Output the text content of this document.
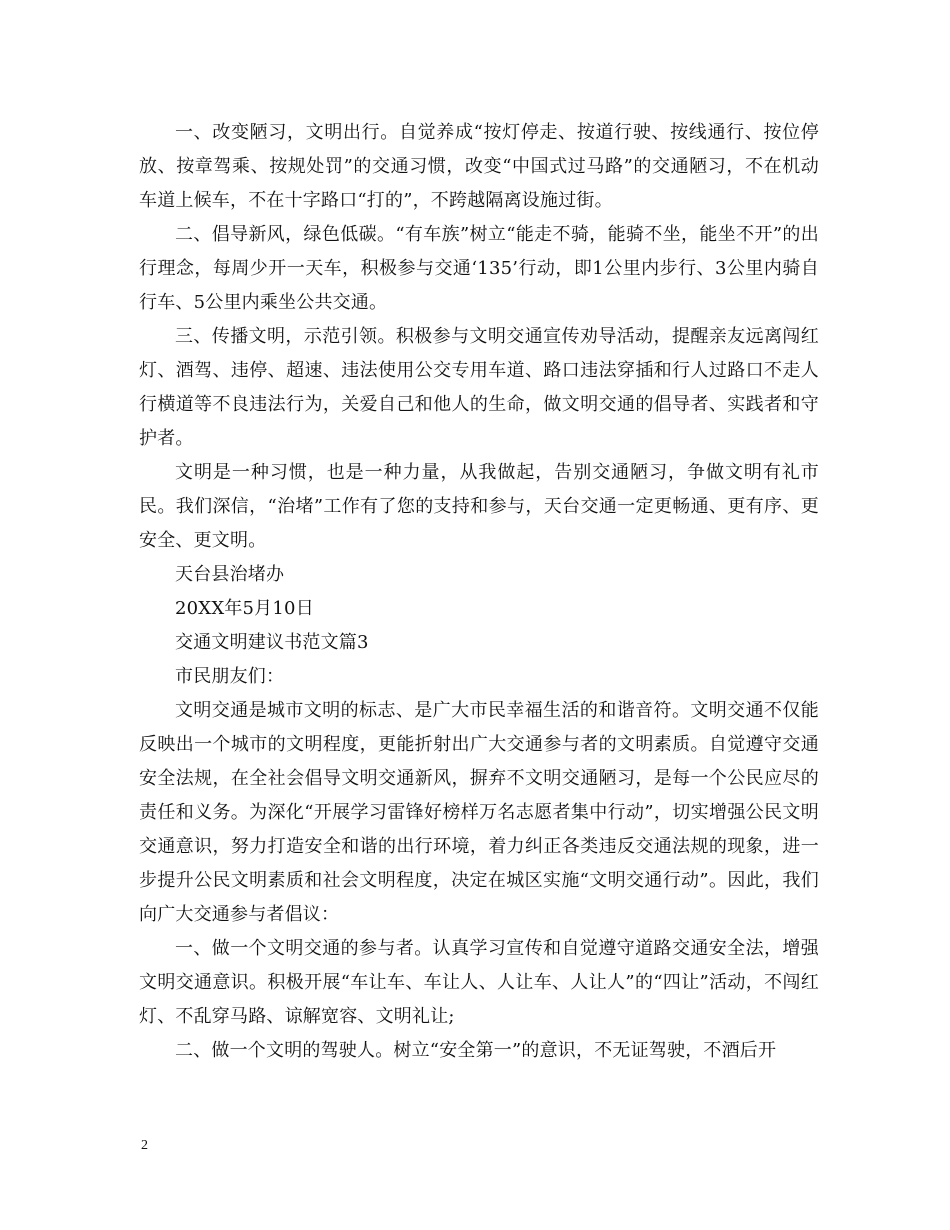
一、改变陋习，文明出行。自觉养成“按灯停走、按道行驶、按线通行、按位停放、按章驾乘、按规处罚”的交通习惯，改变“中国式过马路”的交通陋习，不在机动车道上候车，不在十字路口“打的”，不跨越隔离设施过街。

二、倡导新风，绿色低碳。“有车族”树立“能走不骑，能骑不坐，能坐不开”的出行理念，每周少开一天车，积极参与交通‘135’行动，即1公里内步行、3公里内骑自行车、5公里内乘坐公共交通。

三、传播文明，示范引领。积极参与文明交通宣传劝导活动，提醒亲友远离闯红灯、酒驾、违停、超速、违法使用公交专用车道、路口违法穿插和行人过路口不走人行横道等不良违法行为，关爱自己和他人的生命，做文明交通的倡导者、实践者和守护者。

文明是一种习惯，也是一种力量，从我做起，告别交通陋习，争做文明有礼市民。我们深信，“治堵”工作有了您的支持和参与，天台交通一定更畅通、更有序、更安全、更文明。

天台县治堵办

20XX年5月10日

交通文明建议书范文篇3

市民朋友们：

文明交通是城市文明的标志、是广大市民幸福生活的和谐音符。文明交通不仅能反映出一个城市的文明程度，更能折射出广大交通参与者的文明素质。自觉遵守交通安全法规，在全社会倡导文明交通新风，摒弃不文明交通陋习，是每一个公民应尽的责任和义务。为深化“开展学习雷锋好榜样万名志愿者集中行动”，切实增强公民文明交通意识，努力打造安全和谐的出行环境，着力纠正各类违反交通法规的现象，进一步提升公民文明素质和社会文明程度，决定在城区实施“文明交通行动”。因此，我们向广大交通参与者倡议：

一、做一个文明交通的参与者。认真学习宣传和自觉遵守道路交通安全法，增强文明交通意识。积极开展“车让车、车让人、人让车、人让人”的“四让”活动，不闯红灯、不乱穿马路、谅解宽容、文明礼让;

二、做一个文明的驾驶人。树立“安全第一”的意识，不无证驾驶，不酒后开

2
